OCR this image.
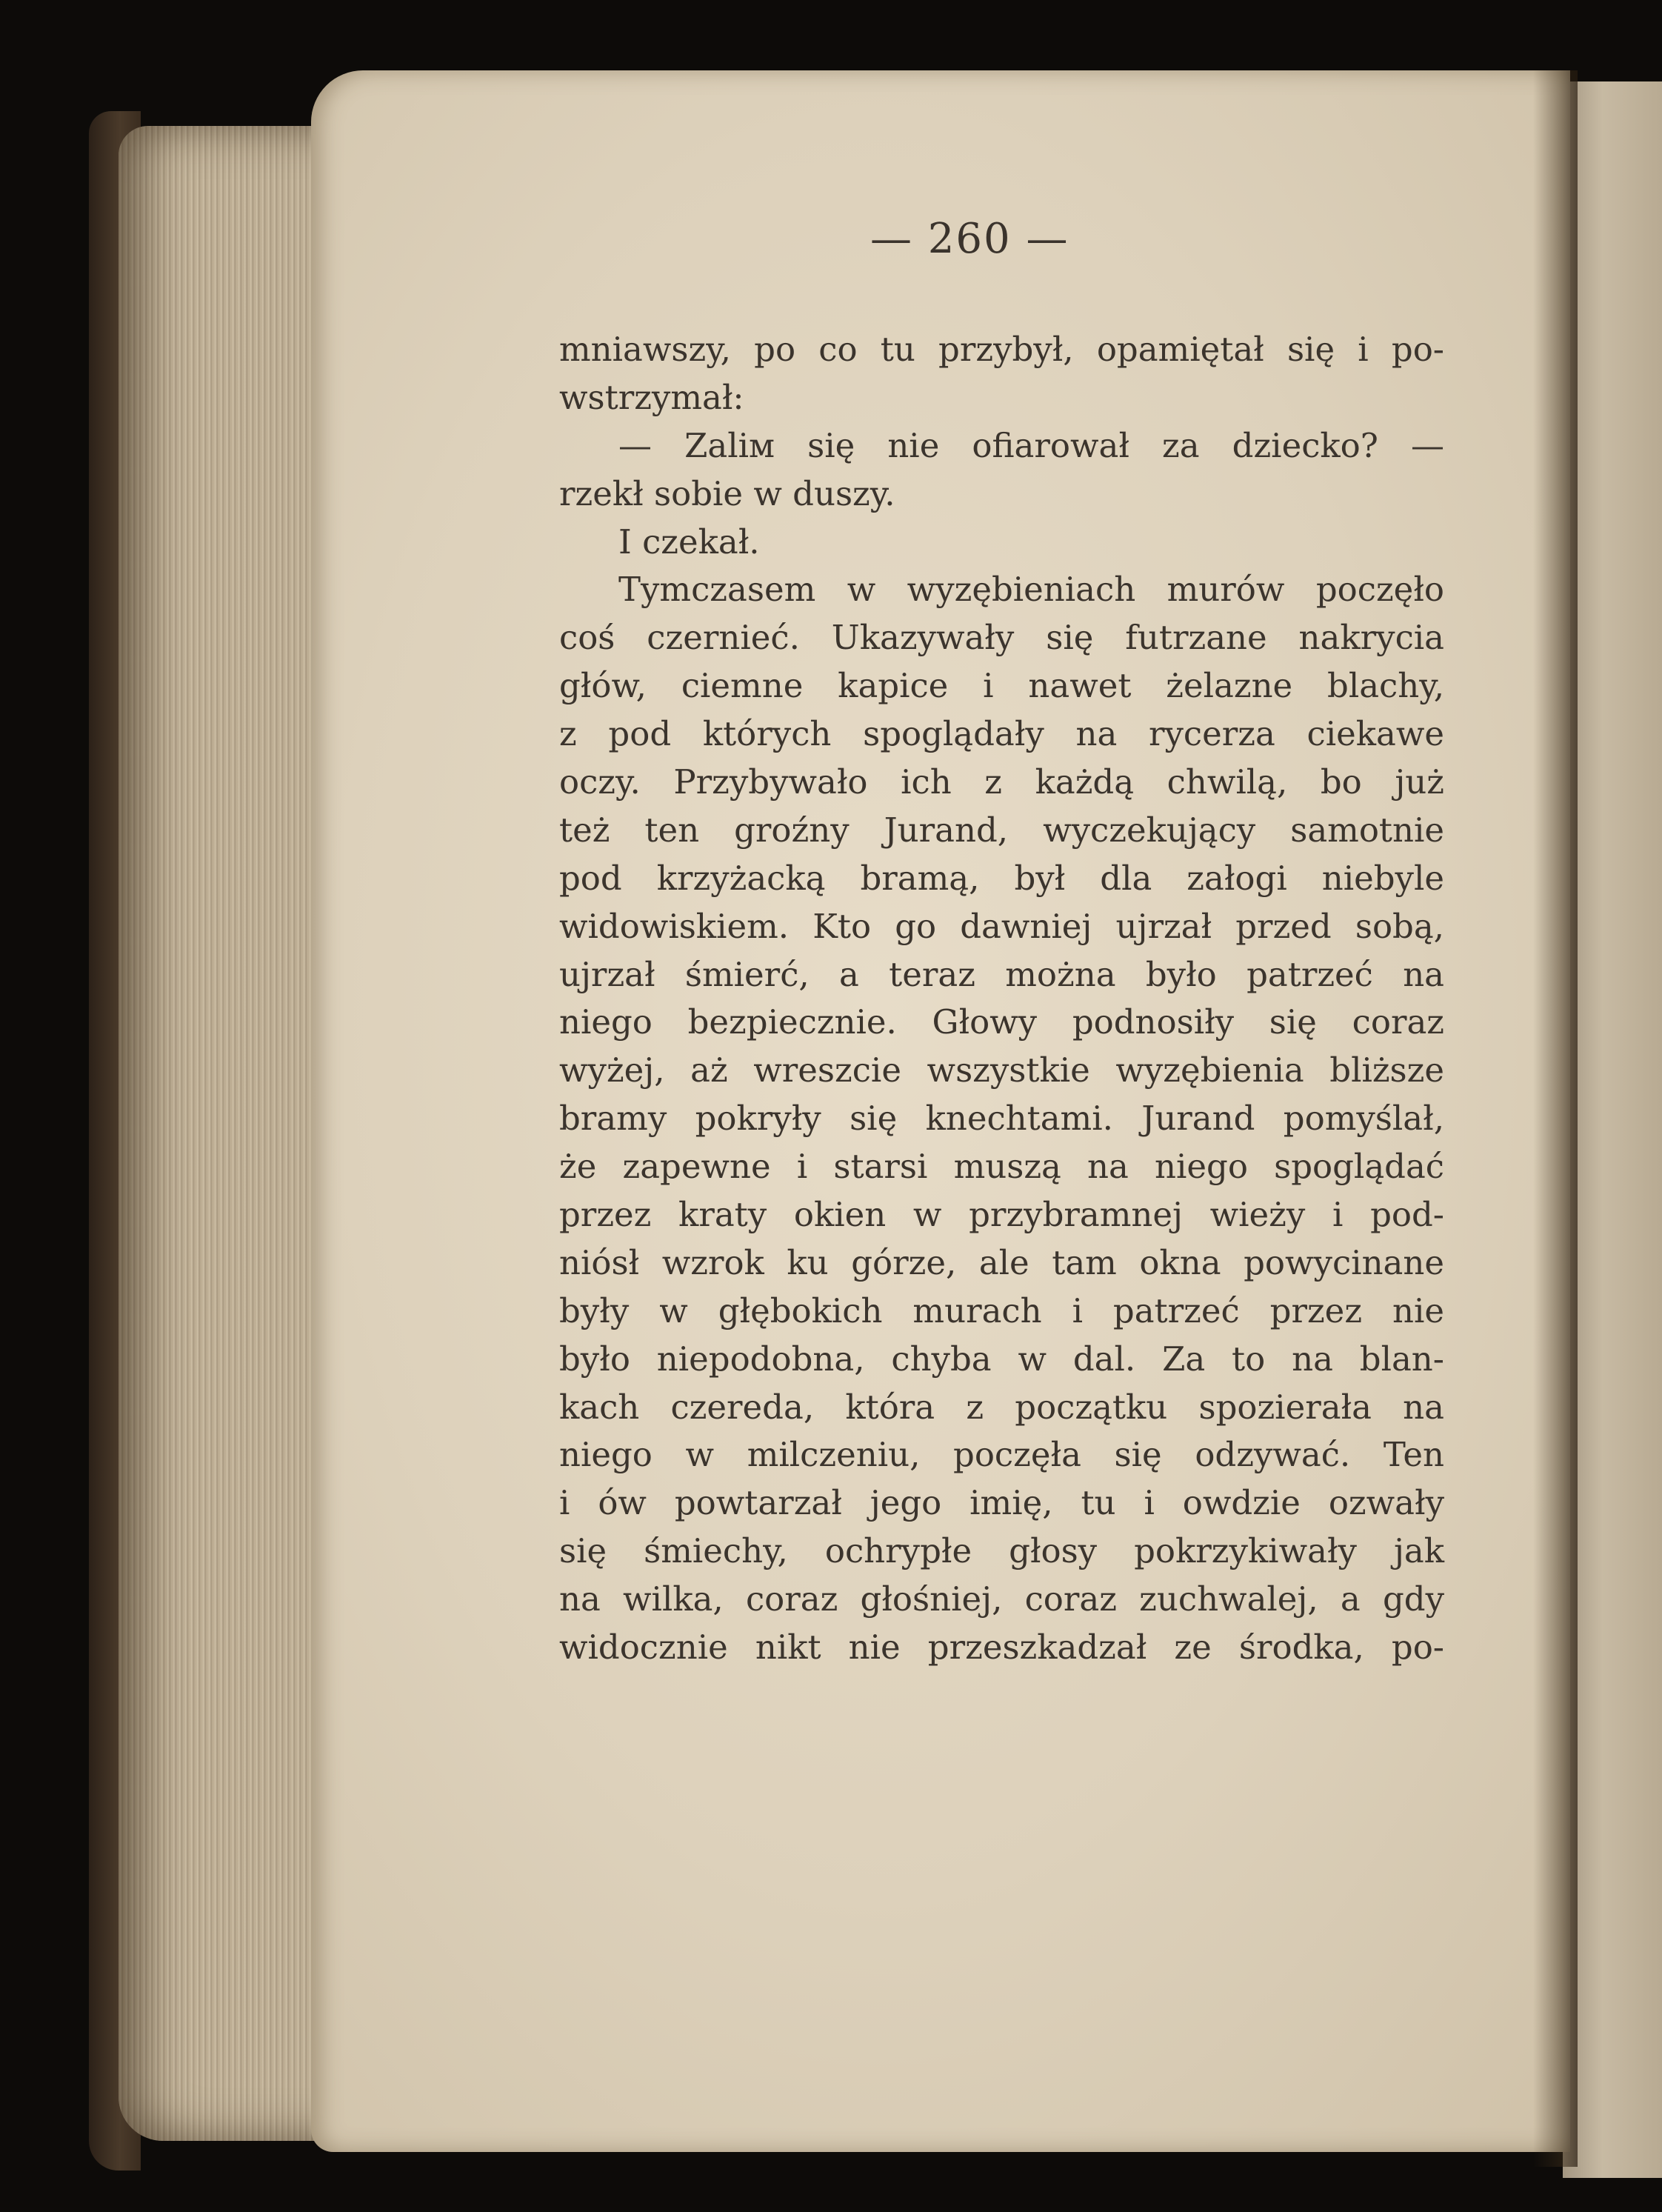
— 260 —
mniawszy, po co tu przybył, opamiętał się i po-
wstrzymał:
— Zaliм się nie ofiarował za dziecko? —
rzekł sobie w duszy.
I czekał.
Tymczasem w wyzębieniach murów poczęło
coś czernieć. Ukazywały się futrzane nakrycia
głów, ciemne kapice i nawet żelazne blachy,
z pod których spoglądały na rycerza ciekawe
oczy. Przybywało ich z każdą chwilą, bo już
też ten groźny Jurand, wyczekujący samotnie
pod krzyżacką bramą, był dla załogi niebyle
widowiskiem. Kto go dawniej ujrzał przed sobą,
ujrzał śmierć, a teraz można było patrzeć na
niego bezpiecznie. Głowy podnosiły się coraz
wyżej, aż wreszcie wszystkie wyzębienia bliższe
bramy pokryły się knechtami. Jurand pomyślał,
że zapewne i starsi muszą na niego spoglądać
przez kraty okien w przybramnej wieży i pod-
niósł wzrok ku górze, ale tam okna powycinane
były w głębokich murach i patrzeć przez nie
było niepodobna, chyba w dal. Za to na blan-
kach czereda, która z początku spozierała na
niego w milczeniu, poczęła się odzywać. Ten
i ów powtarzał jego imię, tu i owdzie ozwały
się śmiechy, ochrypłe głosy pokrzykiwały jak
na wilka, coraz głośniej, coraz zuchwalej, a gdy
widocznie nikt nie przeszkadzał ze środka, po-
